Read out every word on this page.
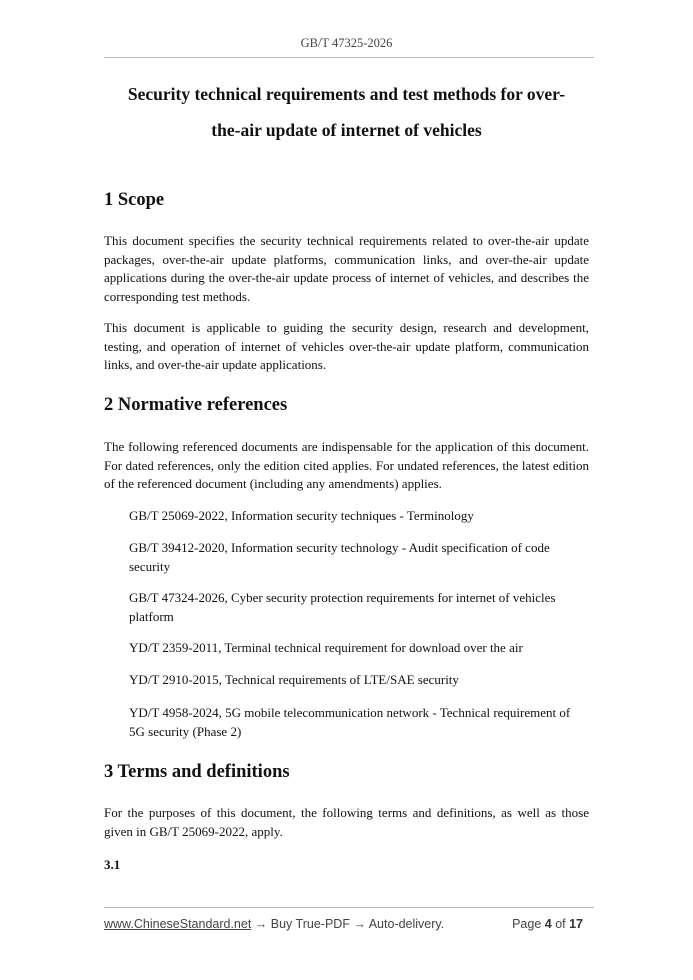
GB/T 47325-2026
Security technical requirements and test methods for over-
the-air update of internet of vehicles
1 Scope
This document specifies the security technical requirements related to over-the-air update packages, over-the-air update platforms, communication links, and over-the-air update applications during the over-the-air update process of internet of vehicles, and describes the corresponding test methods.
This document is applicable to guiding the security design, research and development, testing, and operation of internet of vehicles over-the-air update platform, communication links, and over-the-air update applications.
2 Normative references
The following referenced documents are indispensable for the application of this document. For dated references, only the edition cited applies. For undated references, the latest edition of the referenced document (including any amendments) applies.
GB/T 25069-2022, Information security techniques - Terminology
GB/T 39412-2020, Information security technology - Audit specification of code security
GB/T 47324-2026, Cyber security protection requirements for internet of vehicles platform
YD/T 2359-2011, Terminal technical requirement for download over the air
YD/T 2910-2015, Technical requirements of LTE/SAE security
YD/T 4958-2024, 5G mobile telecommunication network - Technical requirement of 5G security (Phase 2)
3 Terms and definitions
For the purposes of this document, the following terms and definitions, as well as those given in GB/T 25069-2022, apply.
3.1
www.ChineseStandard.net → Buy True-PDF → Auto-delivery.	Page 4 of 17
